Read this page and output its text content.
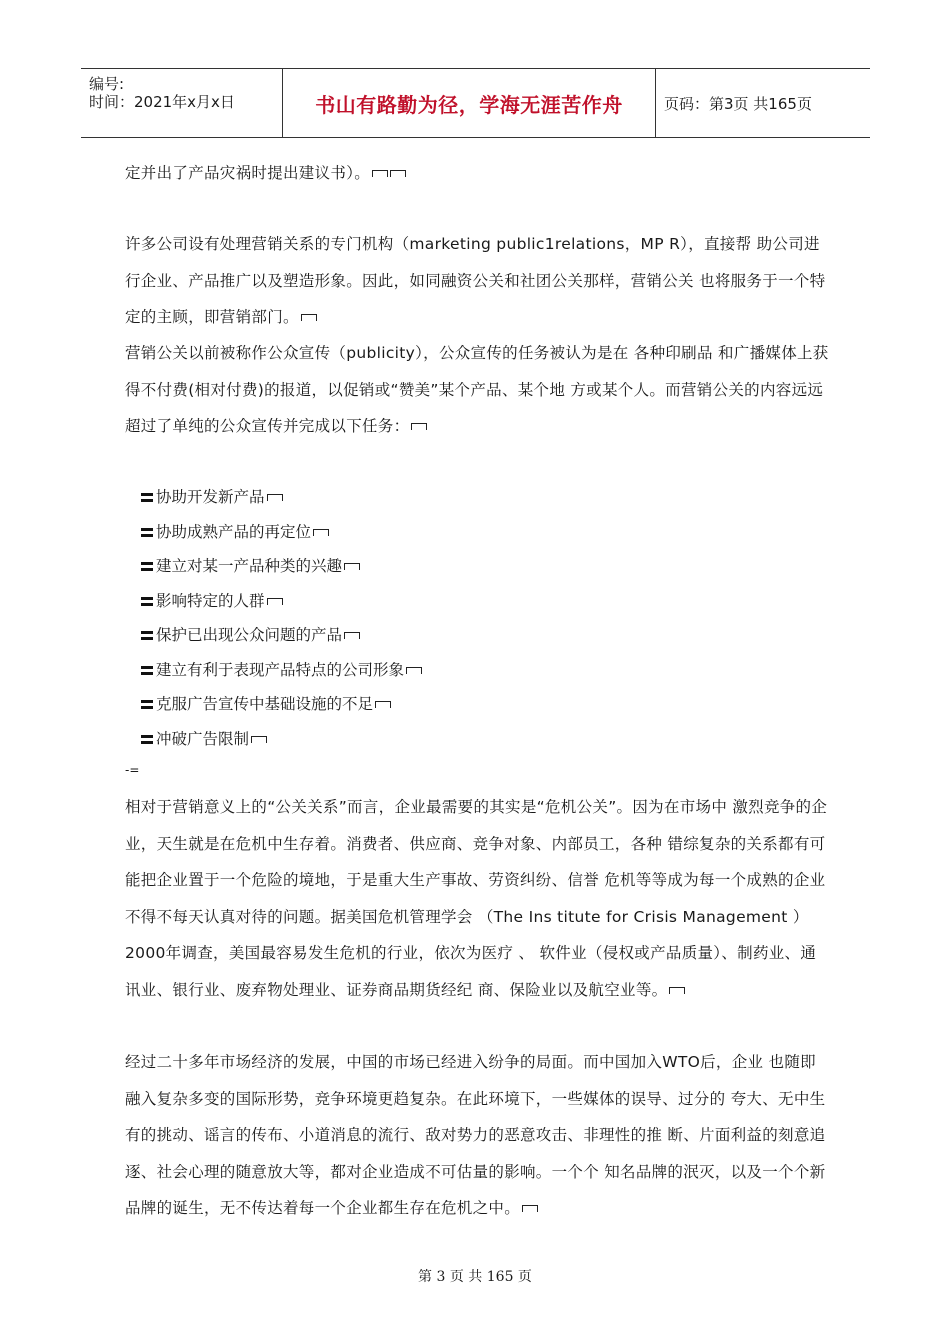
编号:
时间：2021年x月x日	书山有路勤为径，学海无涯苦作舟	页码：第3页 共165页

定并出了产品灾祸时提出建议书）。

许多公司设有处理营销关系的专门机构（marketing public1relations，MP R），直接帮 助公司进行企业、产品推广以及塑造形象。因此，如同融资公关和社团公关那样，营销公关 也将服务于一个特定的主顾，即营销部门。

营销公关以前被称作公众宣传（publicity），公众宣传的任务被认为是在 各种印刷品 和广播媒体上获得不付费(相对付费)的报道，以促销或“赞美”某个产品、某个地 方或某个人。而营销公关的内容远远超过了单纯的公众宣传并完成以下任务：

协助开发新产品
协助成熟产品的再定位
建立对某一产品种类的兴趣
影响特定的人群
保护已出现公众问题的产品
建立有利于表现产品特点的公司形象
克服广告宣传中基础设施的不足
冲破广告限制
-=

相对于营销意义上的“公关关系”而言，企业最需要的其实是“危机公关”。因为在市场中 激烈竞争的企业，天生就是在危机中生存着。消费者、供应商、竞争对象、内部员工，各种 错综复杂的关系都有可能把企业置于一个危险的境地，于是重大生产事故、劳资纠纷、信誉 危机等等成为每一个成熟的企业不得不每天认真对待的问题。据美国危机管理学会 （The Ins titute for Crisis Management ）2000年调查，美国最容易发生危机的行业，依次为医疗 、 软件业（侵权或产品质量）、制药业、通讯业、银行业、废弃物处理业、证券商品期货经纪 商、保险业以及航空业等。

经过二十多年市场经济的发展，中国的市场已经进入纷争的局面。而中国加入WTO后，企业 也随即融入复杂多变的国际形势，竞争环境更趋复杂。在此环境下，一些媒体的误导、过分的 夸大、无中生有的挑动、谣言的传布、小道消息的流行、敌对势力的恶意攻击、非理性的推 断、片面利益的刻意追逐、社会心理的随意放大等，都对企业造成不可估量的影响。一个个 知名品牌的泯灭，以及一个个新品牌的诞生，无不传达着每一个企业都生存在危机之中。

第 3 页 共 165 页
